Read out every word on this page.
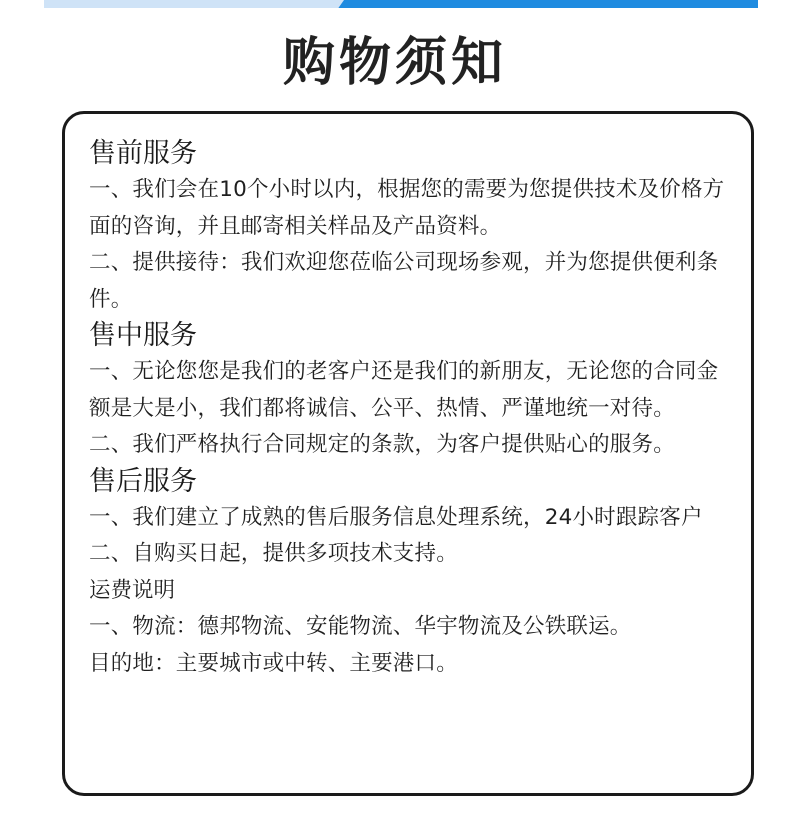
购物须知
售前服务
一、我们会在10个小时以内，根据您的需要为您提供技术及价格方面的咨询，并且邮寄相关样品及产品资料。
二、提供接待：我们欢迎您莅临公司现场参观，并为您提供便利条件。
售中服务
一、无论您您是我们的老客户还是我们的新朋友，无论您的合同金额是大是小，我们都将诚信、公平、热情、严谨地统一对待。
二、我们严格执行合同规定的条款，为客户提供贴心的服务。
售后服务
一、我们建立了成熟的售后服务信息处理系统，24小时跟踪客户
二、自购买日起，提供多项技术支持。
运费说明
一、物流：德邦物流、安能物流、华宇物流及公铁联运。
目的地：主要城市或中转、主要港口。
